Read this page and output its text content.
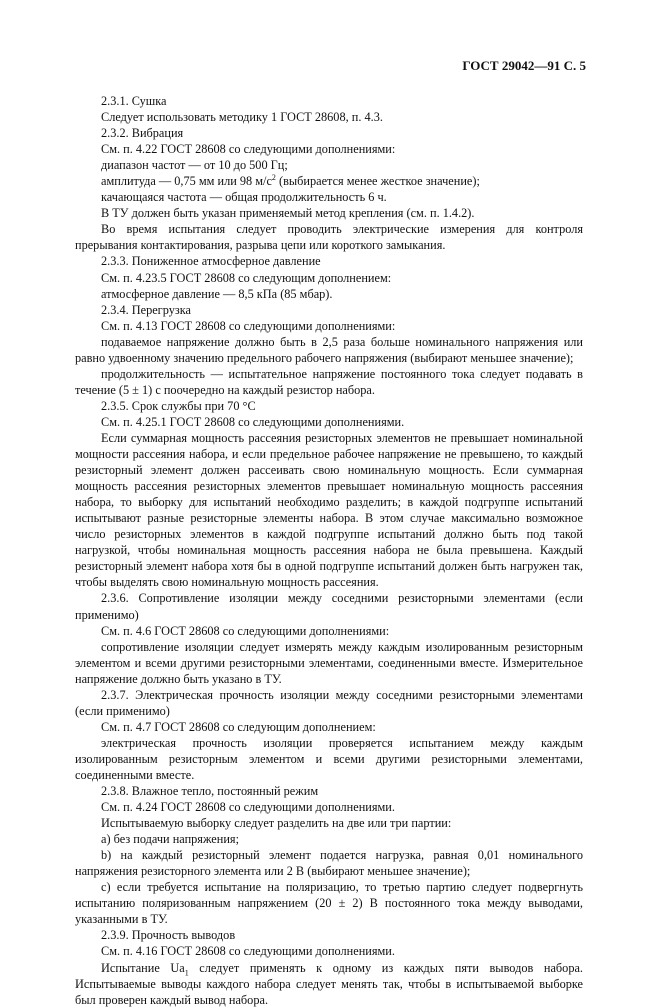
ГОСТ 29042—91 С. 5

2.3.1. Сушка

Следует использовать методику 1 ГОСТ 28608, п. 4.3.

2.3.2. Вибрация

См. п. 4.22 ГОСТ 28608 со следующими дополнениями:

диапазон частот — от 10 до 500 Гц;

амплитуда — 0,75 мм или 98 $м/с^2$ (выбирается менее жесткое значение);

качающаяся частота — общая продолжительность 6 ч.

В ТУ должен быть указан применяемый метод крепления (см. п. 1.4.2).

Во время испытания следует проводить электрические измерения для контроля прерывания контактирования, разрыва цепи или короткого замыкания.

2.3.3. Пониженное атмосферное давление

См. п. 4.23.5 ГОСТ 28608 со следующим дополнением:

атмосферное давление — 8,5 кПа (85 мбар).

2.3.4. Перегрузка

См. п. 4.13 ГОСТ 28608 со следующими дополнениями:

подаваемое напряжение должно быть в 2,5 раза больше номинального напряжения или равно удвоенному значению предельного рабочего напряжения (выбирают меньшее значение);

продолжительность — испытательное напряжение постоянного тока следует подавать в течение (5 ± 1) с поочередно на каждый резистор набора.

2.3.5. Срок службы при 70 °С

См. п. 4.25.1 ГОСТ 28608 со следующими дополнениями.

Если суммарная мощность рассеяния резисторных элементов не превышает номинальной мощности рассеяния набора, и если предельное рабочее напряжение не превышено, то каждый резисторный элемент должен рассеивать свою номинальную мощность. Если суммарная мощность рассеяния резисторных элементов превышает номинальную мощность рассеяния набора, то выборку для испытаний необходимо разделить; в каждой подгруппе испытаний испытывают разные резисторные элементы набора. В этом случае максимально возможное число резисторных элементов в каждой подгруппе испытаний должно быть под такой нагрузкой, чтобы номинальная мощность рассеяния набора не была превышена. Каждый резисторный элемент набора хотя бы в одной подгруппе испытаний должен быть нагружен так, чтобы выделять свою номинальную мощность рассеяния.

2.3.6. Сопротивление изоляции между соседними резисторными элементами (если применимо)

См. п. 4.6 ГОСТ 28608 со следующими дополнениями:

сопротивление изоляции следует измерять между каждым изолированным резисторным элементом и всеми другими резисторными элементами, соединенными вместе. Измерительное напряжение должно быть указано в ТУ.

2.3.7. Электрическая прочность изоляции между соседними резисторными элементами (если применимо)

См. п. 4.7 ГОСТ 28608 со следующим дополнением:

электрическая прочность изоляции проверяется испытанием между каждым изолированным резисторным элементом и всеми другими резисторными элементами, соединенными вместе.

2.3.8. Влажное тепло, постоянный режим

См. п. 4.24 ГОСТ 28608 со следующими дополнениями.

Испытываемую выборку следует разделить на две или три партии:

а) без подачи напряжения;

b) на каждый резисторный элемент подается нагрузка, равная 0,01 номинального напряжения резисторного элемента или 2 В (выбирают меньшее значение);

с) если требуется испытание на поляризацию, то третью партию следует подвергнуть испытанию поляризованным напряжением (20 ± 2) В постоянного тока между выводами, указанными в ТУ.

2.3.9. Прочность выводов

См. п. 4.16 ГОСТ 28608 со следующими дополнениями.

Испытание $Ua_1$ следует применять к одному из каждых пяти выводов набора. Испытываемые выводы каждого набора следует менять так, чтобы в испытываемой выборке был проверен каждый вывод набора.
